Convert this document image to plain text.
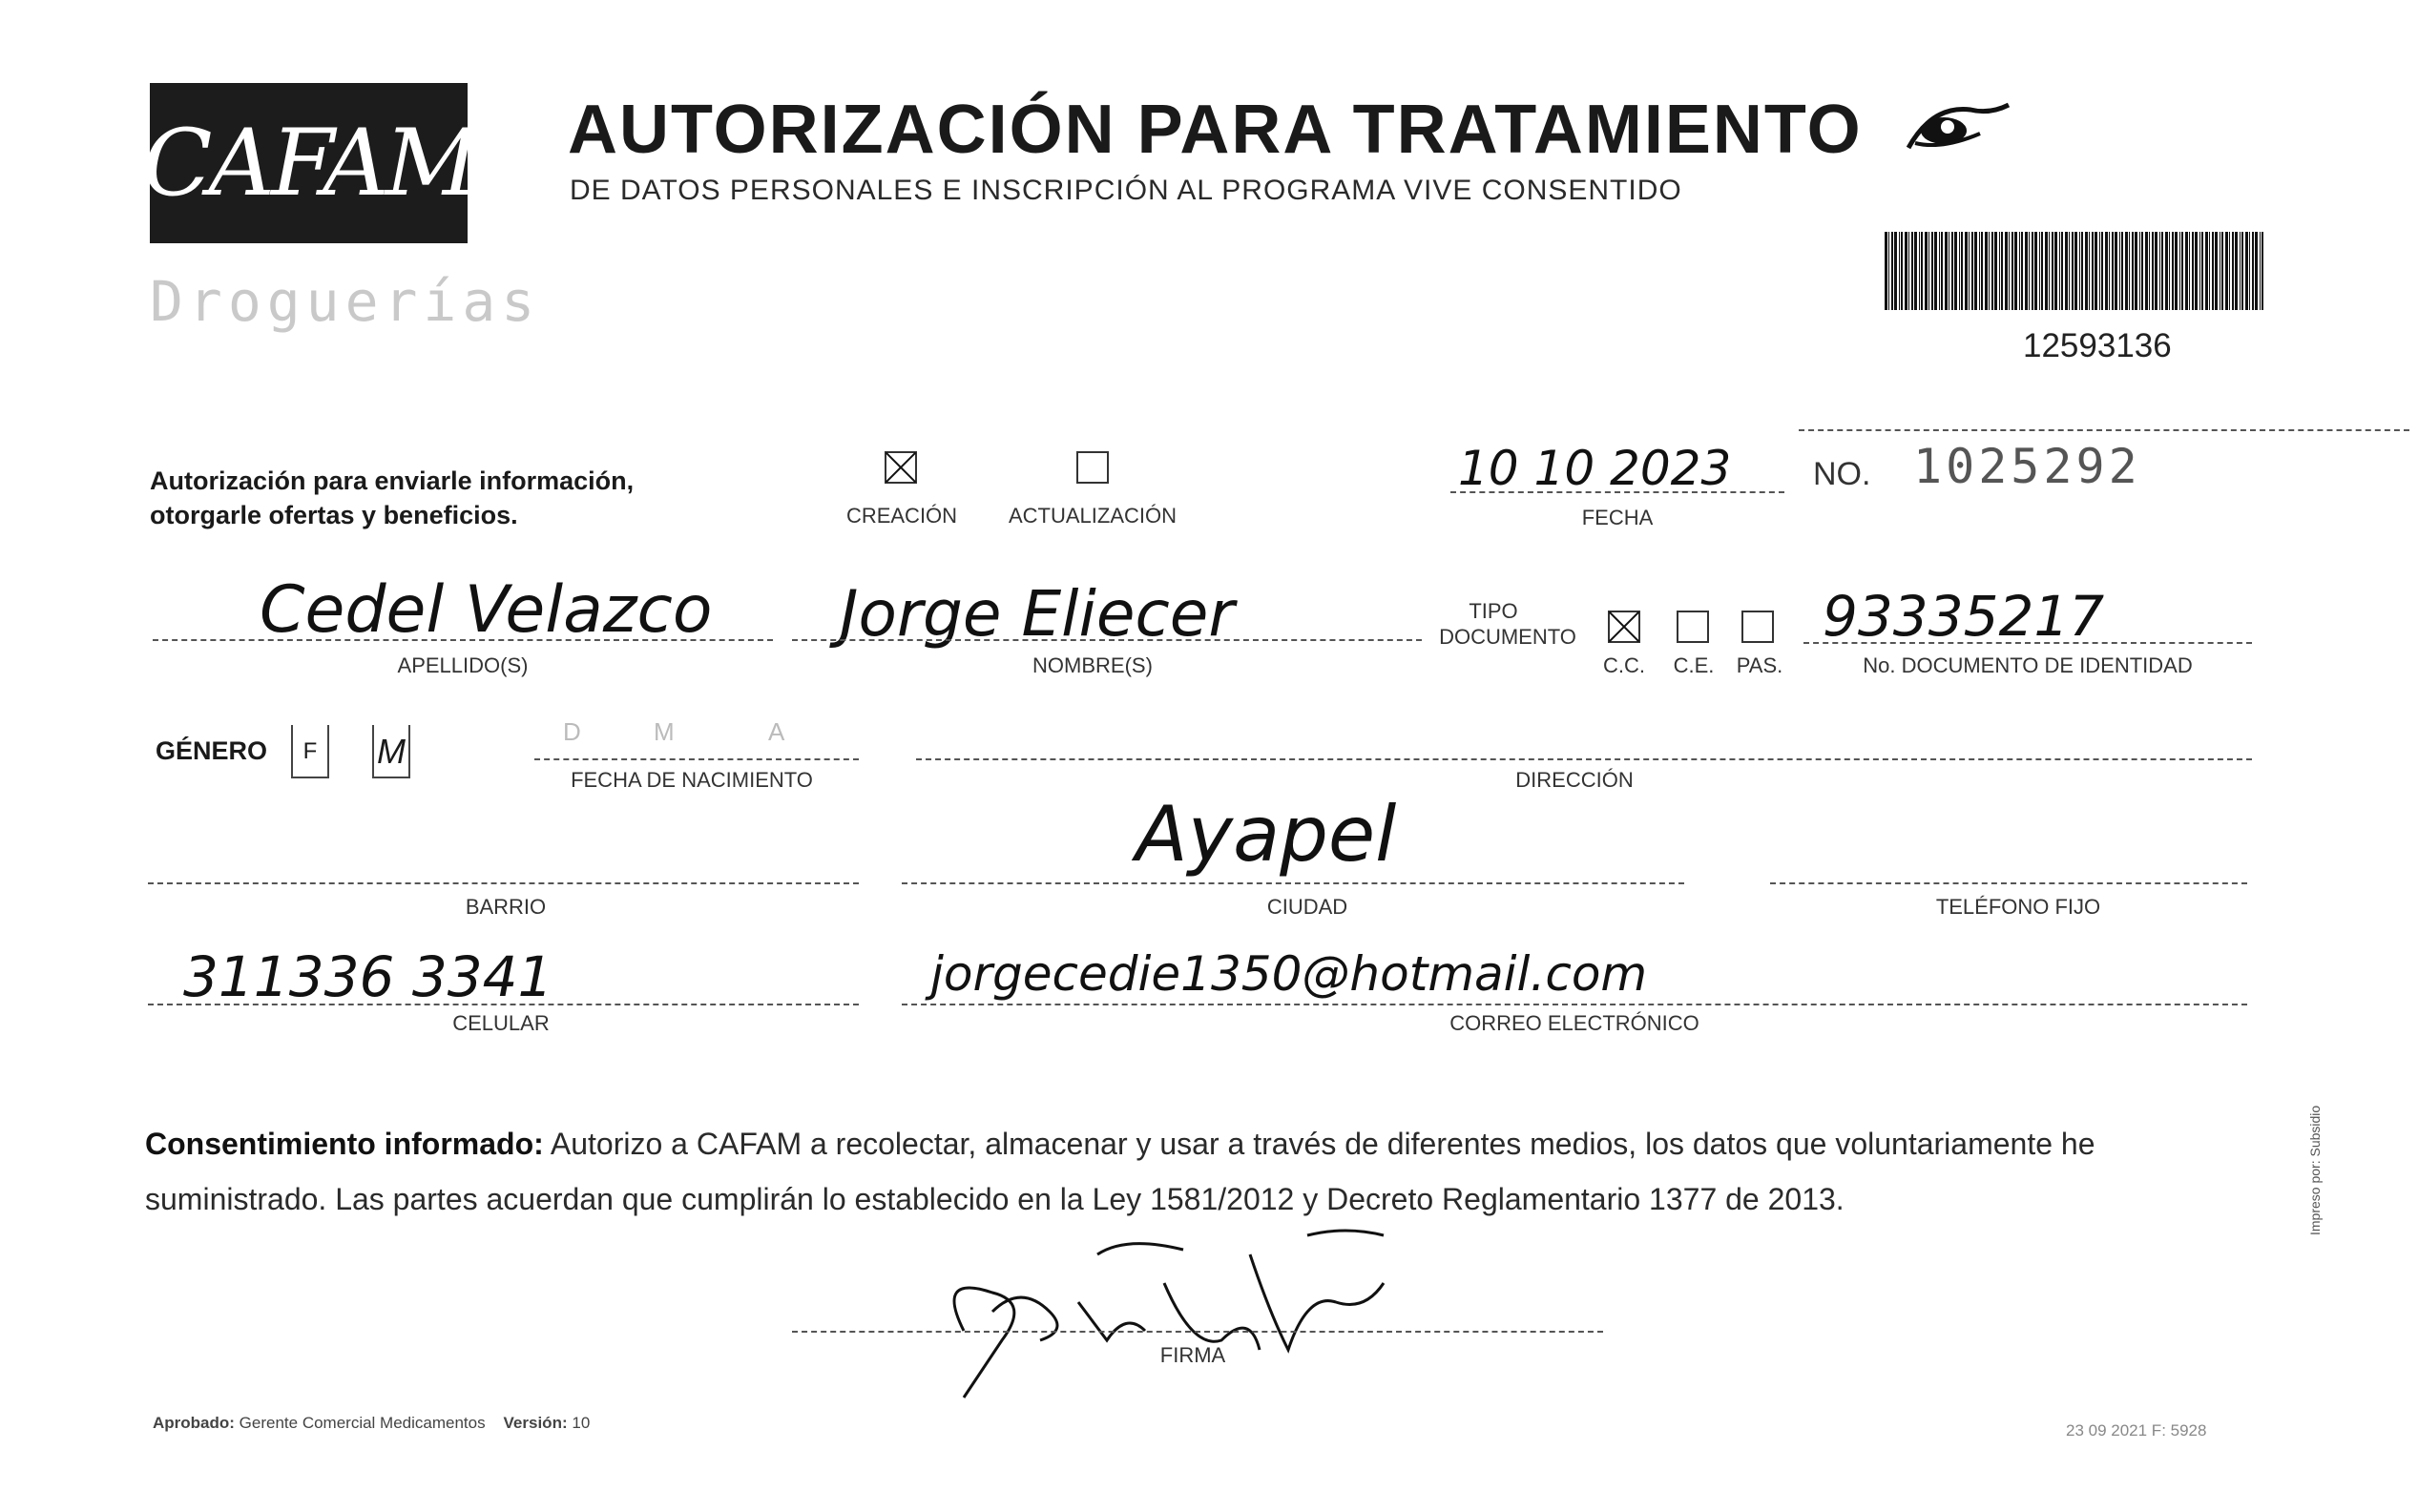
CAFAM
Droguerías
AUTORIZACIÓN PARA TRATAMIENTO
DE DATOS PERSONALES E INSCRIPCIÓN AL PROGRAMA VIVE CONSENTIDO
12593136
Autorización para enviarle información,
otorgarle ofertas y beneficios.	CREACIÓN	ACTUALIZACIÓN
10 10 2023
FECHA
NO. 1025292
Cedel Velazco
APELLIDO(S)
Jorge Eliecer
NOMBRE(S)
TIPO
DOCUMENTO
C.C.	C.E.	PAS.
93335217
No. DOCUMENTO DE IDENTIDAD
GÉNERO	F	M	D	M	A
FECHA DE NACIMIENTO	DIRECCIÓN
BARRIO
Ayapel
CIUDAD	TELÉFONO FIJO
311336 3341
CELULAR
jorgecedie1350@hotmail.com
CORREO ELECTRÓNICO
Consentimiento informado: Autorizo a CAFAM a recolectar, almacenar y usar a través de diferentes medios, los datos que voluntariamente he suministrado. Las partes acuerdan que cumplirán lo establecido en la Ley 1581/2012 y Decreto Reglamentario 1377 de 2013.
FIRMA
Aprobado: Gerente Comercial Medicamentos Versión: 10	23 09 2021 F: 5928
Impreso por: Subsidio
